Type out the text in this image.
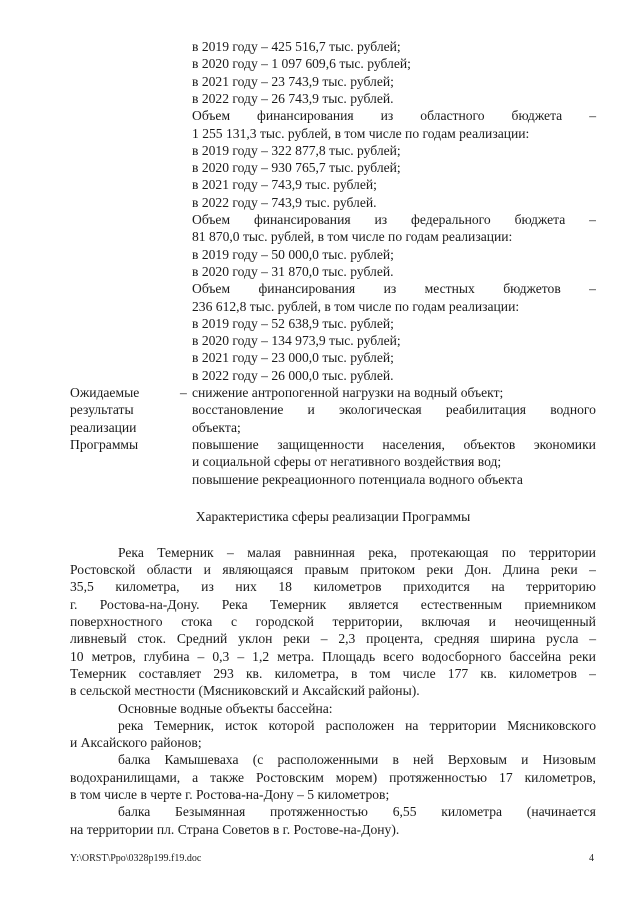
в 2019 году – 425 516,7 тыс. рублей;
в 2020 году – 1 097 609,6 тыс. рублей;
в 2021 году – 23 743,9 тыс. рублей;
в 2022 году – 26 743,9 тыс. рублей.
Объем финансирования из областного бюджета –
1 255 131,3 тыс. рублей, в том числе по годам реализации:
в 2019 году – 322 877,8 тыс. рублей;
в 2020 году – 930 765,7 тыс. рублей;
в 2021 году – 743,9 тыс. рублей;
в 2022 году – 743,9 тыс. рублей.
Объем финансирования из федерального бюджета –
81 870,0 тыс. рублей, в том числе по годам реализации:
в 2019 году – 50 000,0 тыс. рублей;
в 2020 году – 31 870,0 тыс. рублей.
Объем финансирования из местных бюджетов –
236 612,8 тыс. рублей, в том числе по годам реализации:
в 2019 году – 52 638,9 тыс. рублей;
в 2020 году – 134 973,9 тыс. рублей;
в 2021 году – 23 000,0 тыс. рублей;
в 2022 году – 26 000,0 тыс. рублей.
Ожидаемые
результаты
реализации
Программы
– снижение антропогенной нагрузки на водный объект;
восстановление и экологическая реабилитация водного
объекта;
повышение защищенности населения, объектов экономики
и социальной сферы от негативного воздействия вод;
повышение рекреационного потенциала водного объекта
Характеристика сферы реализации Программы
Река Темерник – малая равнинная река, протекающая по территории
Ростовской области и являющаяся правым притоком реки Дон. Длина реки –
35,5 километра, из них 18 километров приходится на территорию
г. Ростова-на-Дону. Река Темерник является естественным приемником
поверхностного стока с городской территории, включая и неочищенный
ливневый сток. Средний уклон реки – 2,3 процента, средняя ширина русла –
10 метров, глубина – 0,3 – 1,2 метра. Площадь всего водосборного бассейна реки
Темерник составляет 293 кв. километра, в том числе 177 кв. километров –
в сельской местности (Мясниковский и Аксайский районы).
Основные водные объекты бассейна:
река Темерник, исток которой расположен на территории Мясниковского
и Аксайского районов;
балка Камышеваха (с расположенными в ней Верховым и Низовым
водохранилищами, а также Ростовским морем) протяженностью 17 километров,
в том числе в черте г. Ростова-на-Дону – 5 километров;
балка Безымянная протяженностью 6,55 километра (начинается
на территории пл. Страна Советов в г. Ростове-на-Дону).
Y:\ORST\Ppo\0328p199.f19.doc	4
